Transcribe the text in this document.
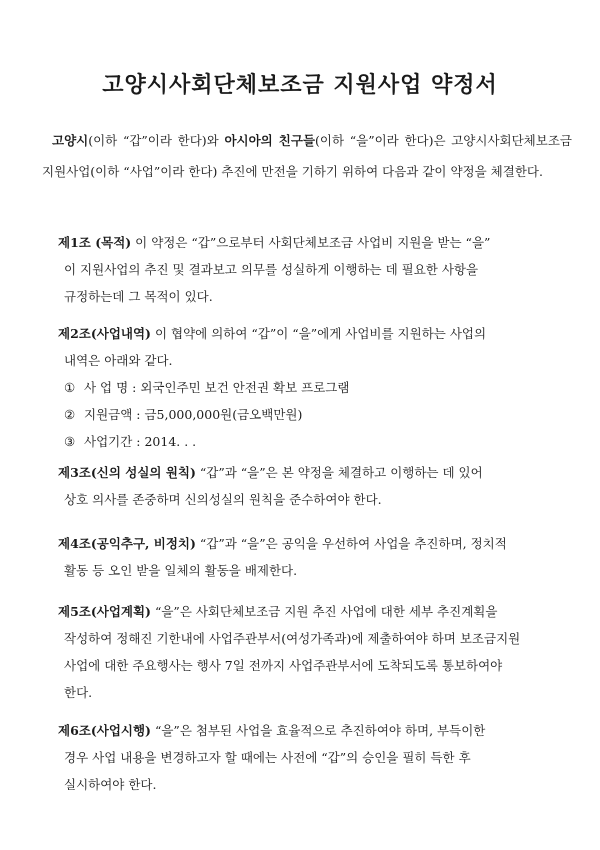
고양시사회단체보조금 지원사업 약정서
고양시(이하 “갑”이라 한다)와 아시아의 친구들(이하 “을”이라 한다)은 고양시사회단체보조금 지원사업(이하 “사업”이라 한다) 추진에 만전을 기하기 위하여 다음과 같이 약정을 체결한다.
제1조 (목적) 이 약정은 “갑”으로부터 사회단체보조금 사업비 지원을 받는 “을”
이 지원사업의 추진 및 결과보고 의무를 성실하게 이행하는 데 필요한 사항을
규정하는데 그 목적이 있다.
제2조(사업내역) 이 협약에 의하여 “갑”이 “을”에게 사업비를 지원하는 사업의
내역은 아래와 같다.
① 사 업 명 : 외국인주민 보건 안전권 확보 프로그램
② 지원금액 : 금5,000,000원(금오백만원)
③ 사업기간 : 2014. . .
제3조(신의 성실의 원칙) “갑”과 “을”은 본 약정을 체결하고 이행하는 데 있어
상호 의사를 존중하며 신의성실의 원칙을 준수하여야 한다.
제4조(공익추구, 비정치) “갑”과 “을”은 공익을 우선하여 사업을 추진하며, 정치적
활동 등 오인 받을 일체의 활동을 배제한다.
제5조(사업계획) “을”은 사회단체보조금 지원 추진 사업에 대한 세부 추진계획을
작성하여 정해진 기한내에 사업주관부서(여성가족과)에 제출하여야 하며 보조금지원
사업에 대한 주요행사는 행사 7일 전까지 사업주관부서에 도착되도록 통보하여야
한다.
제6조(사업시행) “을”은 첨부된 사업을 효율적으로 추진하여야 하며, 부득이한
경우 사업 내용을 변경하고자 할 때에는 사전에 “갑”의 승인을 필히 득한 후
실시하여야 한다.
